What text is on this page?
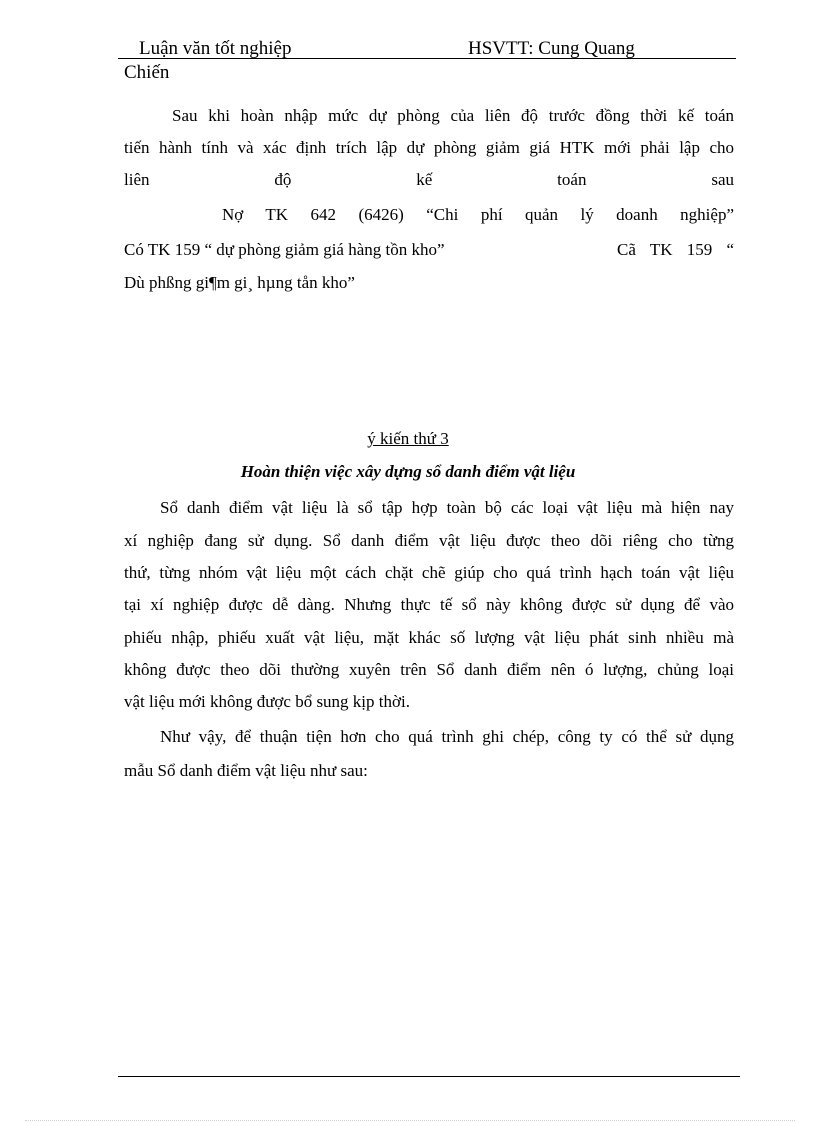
Luận văn tốt nghiệp	HSVTT: Cung Quang
Chiến
Sau khi hoàn nhập mức dự phòng của liên độ trước đồng thời kế toán
tiến hành tính và xác định trích lập dự phòng giảm giá HTK mới phải lập cho
liên độ kế toán sau
Nợ TK 642 (6426) “Chi phí quản lý doanh nghiệp”
Có TK 159 “ dự phòng giảm giá hàng tồn kho”	Cã TK 159 “
Dù phßng gi¶m gi¸ hµng tån kho”
ý kiến thứ 3
Hoàn thiện việc xây dựng sổ danh điểm vật liệu
Sổ danh điểm vật liệu là sổ tập hợp toàn bộ các loại vật liệu mà hiện nay
xí nghiệp đang sử dụng. Sổ danh điểm vật liệu được theo dõi riêng cho từng
thứ, từng nhóm vật liệu một cách chặt chẽ giúp cho quá trình hạch toán vật liệu
tại xí nghiệp được dễ dàng. Nhưng thực tế sổ này không được sử dụng để vào
phiếu nhập, phiếu xuất vật liệu, mặt khác số lượng vật liệu phát sinh nhiều mà
không được theo dõi thường xuyên trên Sổ danh điểm nên ó lượng, chủng loại
vật liệu mới không được bổ sung kịp thời.
Như vậy, để thuận tiện hơn cho quá trình ghi chép, công ty có thể sử dụng
mẫu Sổ danh điểm vật liệu như sau:
